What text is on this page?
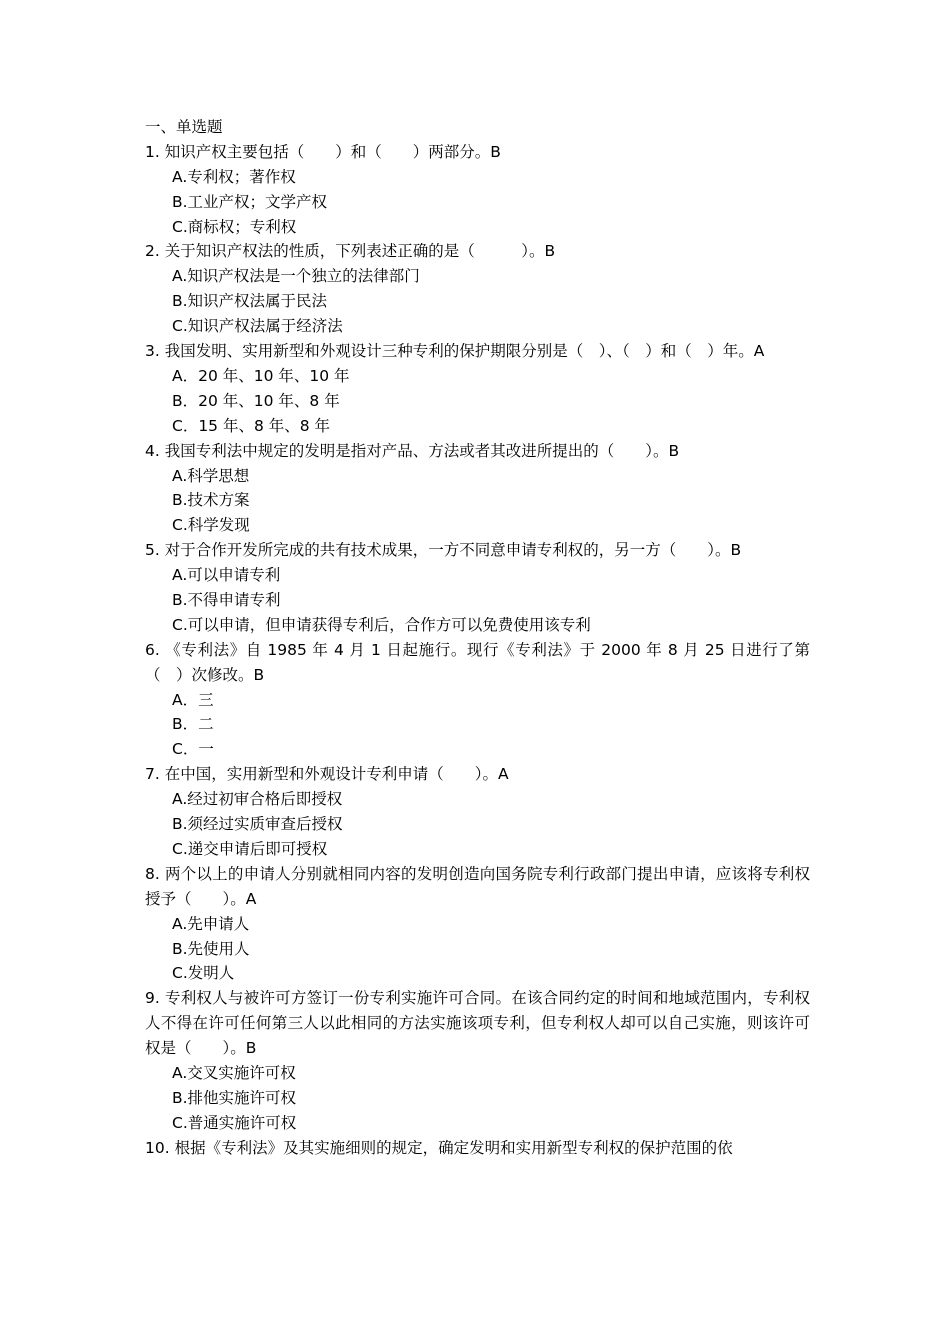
一、单选题
1. 知识产权主要包括（　　）和（　　）两部分。B
A.专利权；著作权
B.工业产权；文学产权
C.商标权；专利权
2. 关于知识产权法的性质，下列表述正确的是（　　　）。B
A.知识产权法是一个独立的法律部门
B.知识产权法属于民法
C.知识产权法属于经济法
3. 我国发明、实用新型和外观设计三种专利的保护期限分别是（　）、（　）和（　）年。A
A．20 年、10 年、10 年
B．20 年、10 年、8 年
C．15 年、8 年、8 年
4. 我国专利法中规定的发明是指对产品、方法或者其改进所提出的（　　）。B
A.科学思想
B.技术方案
C.科学发现
5. 对于合作开发所完成的共有技术成果，一方不同意申请专利权的，另一方（　　）。B
A.可以申请专利
B.不得申请专利
C.可以申请，但申请获得专利后，合作方可以免费使用该专利
6. 《专利法》自 1985 年 4 月 1 日起施行。现行《专利法》于 2000 年 8 月 25 日进行了第（　）次修改。B
A．三
B．二
C．一
7. 在中国，实用新型和外观设计专利申请（　　）。A
A.经过初审合格后即授权
B.须经过实质审查后授权
C.递交申请后即可授权
8. 两个以上的申请人分别就相同内容的发明创造向国务院专利行政部门提出申请，应该将专利权授予（　　）。A
A.先申请人
B.先使用人
C.发明人
9. 专利权人与被许可方签订一份专利实施许可合同。在该合同约定的时间和地域范围内，专利权人不得在许可任何第三人以此相同的方法实施该项专利，但专利权人却可以自己实施，则该许可权是（　　）。B
A.交叉实施许可权
B.排他实施许可权
C.普通实施许可权
10. 根据《专利法》及其实施细则的规定，确定发明和实用新型专利权的保护范围的依
